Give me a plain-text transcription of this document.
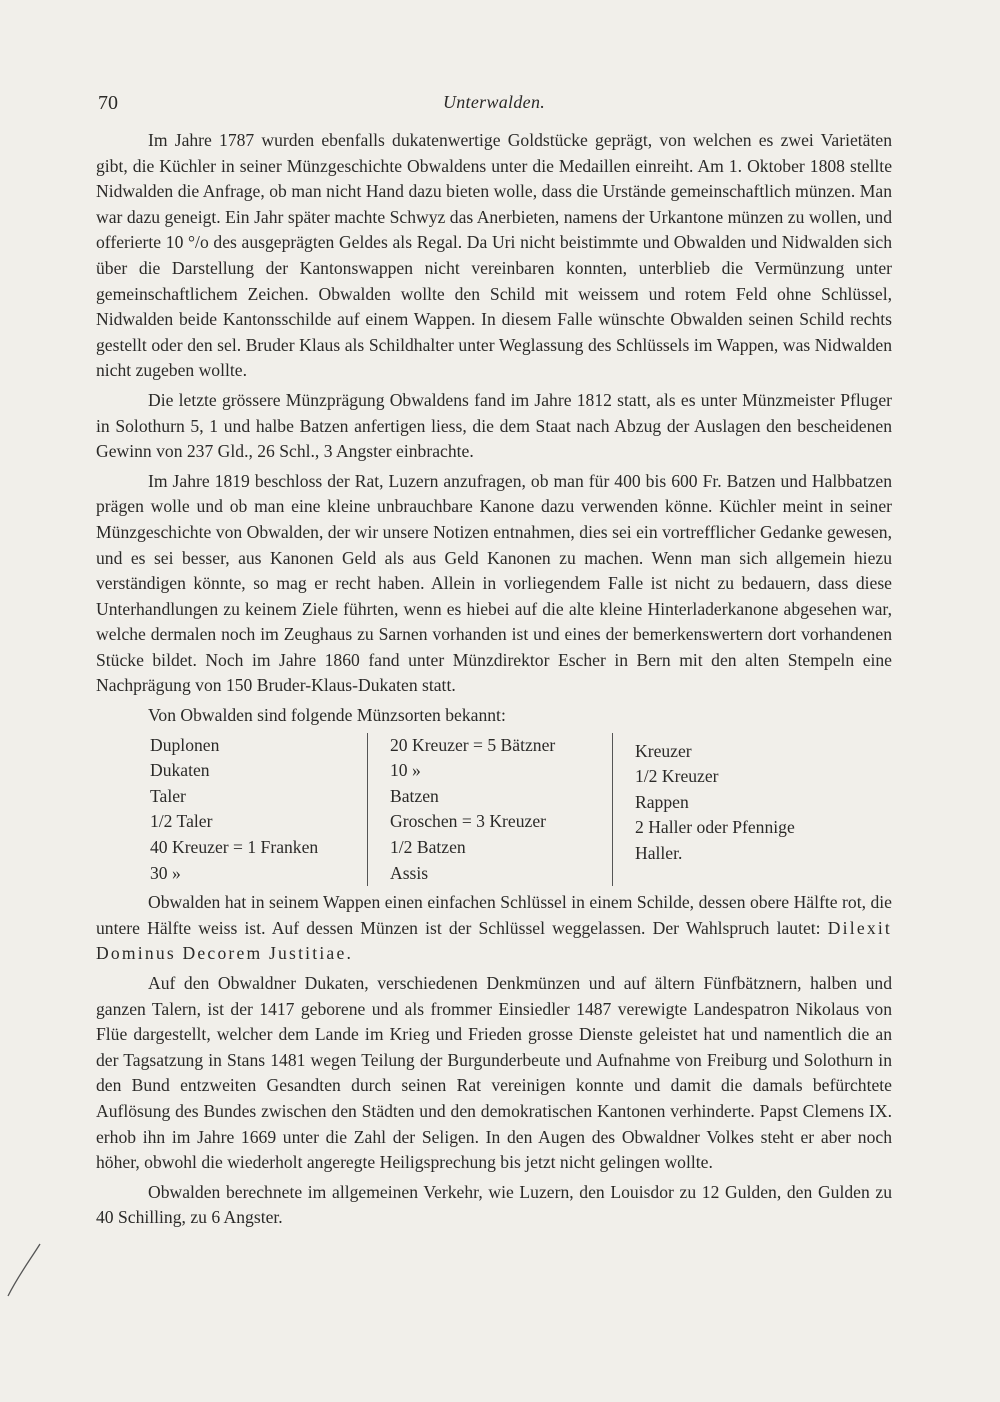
70	Unterwalden.

Im Jahre 1787 wurden ebenfalls dukatenwertige Goldstücke geprägt, von welchen es zwei Varietäten gibt, die Küchler in seiner Münzgeschichte Obwaldens unter die Medaillen einreiht. Am 1. Oktober 1808 stellte Nidwalden die Anfrage, ob man nicht Hand dazu bieten wolle, dass die Urstände gemeinschaftlich münzen. Man war dazu geneigt. Ein Jahr später machte Schwyz das Anerbieten, namens der Urkantone münzen zu wollen, und offerierte 10 °/o des ausgeprägten Geldes als Regal. Da Uri nicht beistimmte und Obwalden und Nidwalden sich über die Darstellung der Kantonswappen nicht vereinbaren konnten, unterblieb die Vermünzung unter gemeinschaftlichem Zeichen. Obwalden wollte den Schild mit weissem und rotem Feld ohne Schlüssel, Nidwalden beide Kantonsschilde auf einem Wappen. In diesem Falle wünschte Obwalden seinen Schild rechts gestellt oder den sel. Bruder Klaus als Schildhalter unter Weglassung des Schlüssels im Wappen, was Nidwalden nicht zugeben wollte.

Die letzte grössere Münzprägung Obwaldens fand im Jahre 1812 statt, als es unter Münzmeister Pfluger in Solothurn 5, 1 und halbe Batzen anfertigen liess, die dem Staat nach Abzug der Auslagen den bescheidenen Gewinn von 237 Gld., 26 Schl., 3 Angster einbrachte.

Im Jahre 1819 beschloss der Rat, Luzern anzufragen, ob man für 400 bis 600 Fr. Batzen und Halbbatzen prägen wolle und ob man eine kleine unbrauchbare Kanone dazu verwenden könne. Küchler meint in seiner Münzgeschichte von Obwalden, der wir unsere Notizen entnahmen, dies sei ein vortrefflicher Gedanke gewesen, und es sei besser, aus Kanonen Geld als aus Geld Kanonen zu machen. Wenn man sich allgemein hiezu verständigen könnte, so mag er recht haben. Allein in vorliegendem Falle ist nicht zu bedauern, dass diese Unterhandlungen zu keinem Ziele führten, wenn es hiebei auf die alte kleine Hinterladerkanone abgesehen war, welche dermalen noch im Zeughaus zu Sarnen vorhanden ist und eines der bemerkenswertern dort vorhandenen Stücke bildet. Noch im Jahre 1860 fand unter Münzdirektor Escher in Bern mit den alten Stempeln eine Nachprägung von 150 Bruder-Klaus-Dukaten statt.

Von Obwalden sind folgende Münzsorten bekannt:

Duplonen
Dukaten
Taler
1/2 Taler
40 Kreuzer = 1 Franken
30 »
20 Kreuzer = 5 Bätzner
10 »
Batzen
Groschen = 3 Kreuzer
1/2 Batzen
Assis
Kreuzer
1/2 Kreuzer
Rappen
2 Haller oder Pfennige
Haller.

Obwalden hat in seinem Wappen einen einfachen Schlüssel in einem Schilde, dessen obere Hälfte rot, die untere Hälfte weiss ist. Auf dessen Münzen ist der Schlüssel weggelassen. Der Wahlspruch lautet: Dilexit Dominus Decorem Justitiae.

Auf den Obwaldner Dukaten, verschiedenen Denkmünzen und auf ältern Fünfbätznern, halben und ganzen Talern, ist der 1417 geborene und als frommer Einsiedler 1487 verewigte Landespatron Nikolaus von Flüe dargestellt, welcher dem Lande im Krieg und Frieden grosse Dienste geleistet hat und namentlich die an der Tagsatzung in Stans 1481 wegen Teilung der Burgunderbeute und Aufnahme von Freiburg und Solothurn in den Bund entzweiten Gesandten durch seinen Rat vereinigen konnte und damit die damals befürchtete Auflösung des Bundes zwischen den Städten und den demokratischen Kantonen verhinderte. Papst Clemens IX. erhob ihn im Jahre 1669 unter die Zahl der Seligen. In den Augen des Obwaldner Volkes steht er aber noch höher, obwohl die wiederholt angeregte Heiligsprechung bis jetzt nicht gelingen wollte.

Obwalden berechnete im allgemeinen Verkehr, wie Luzern, den Louisdor zu 12 Gulden, den Gulden zu 40 Schilling, zu 6 Angster.
